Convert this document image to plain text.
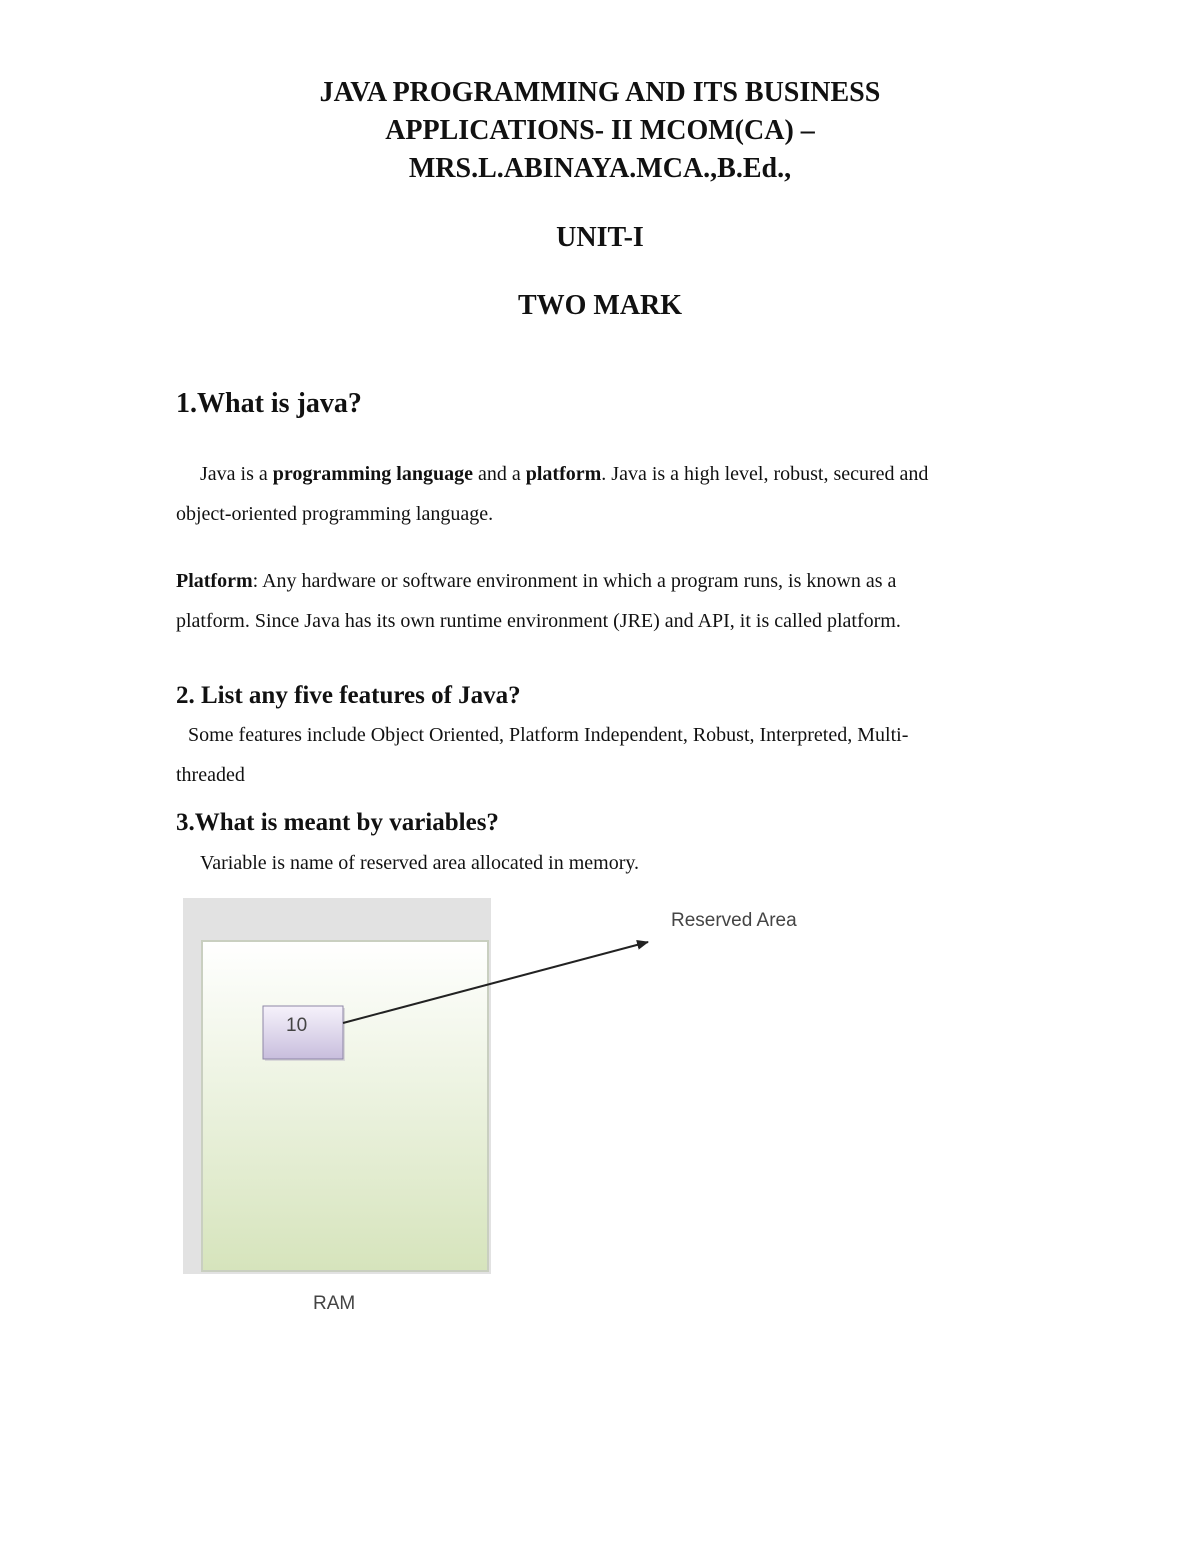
JAVA PROGRAMMING AND ITS BUSINESS
APPLICATIONS- II MCOM(CA) –
MRS.L.ABINAYA.MCA.,B.Ed.,
UNIT-I
TWO MARK
1.What is java?
Java is a programming language and a platform. Java is a high level, robust, secured and
object-oriented programming language.
Platform: Any hardware or software environment in which a program runs, is known as a
platform. Since Java has its own runtime environment (JRE) and API, it is called platform.
2. List any five features of Java?
Some features include Object Oriented, Platform Independent, Robust, Interpreted, Multi-
threaded
3.What is meant by variables?
Variable is name of reserved area allocated in memory.
10
Reserved Area
RAM
